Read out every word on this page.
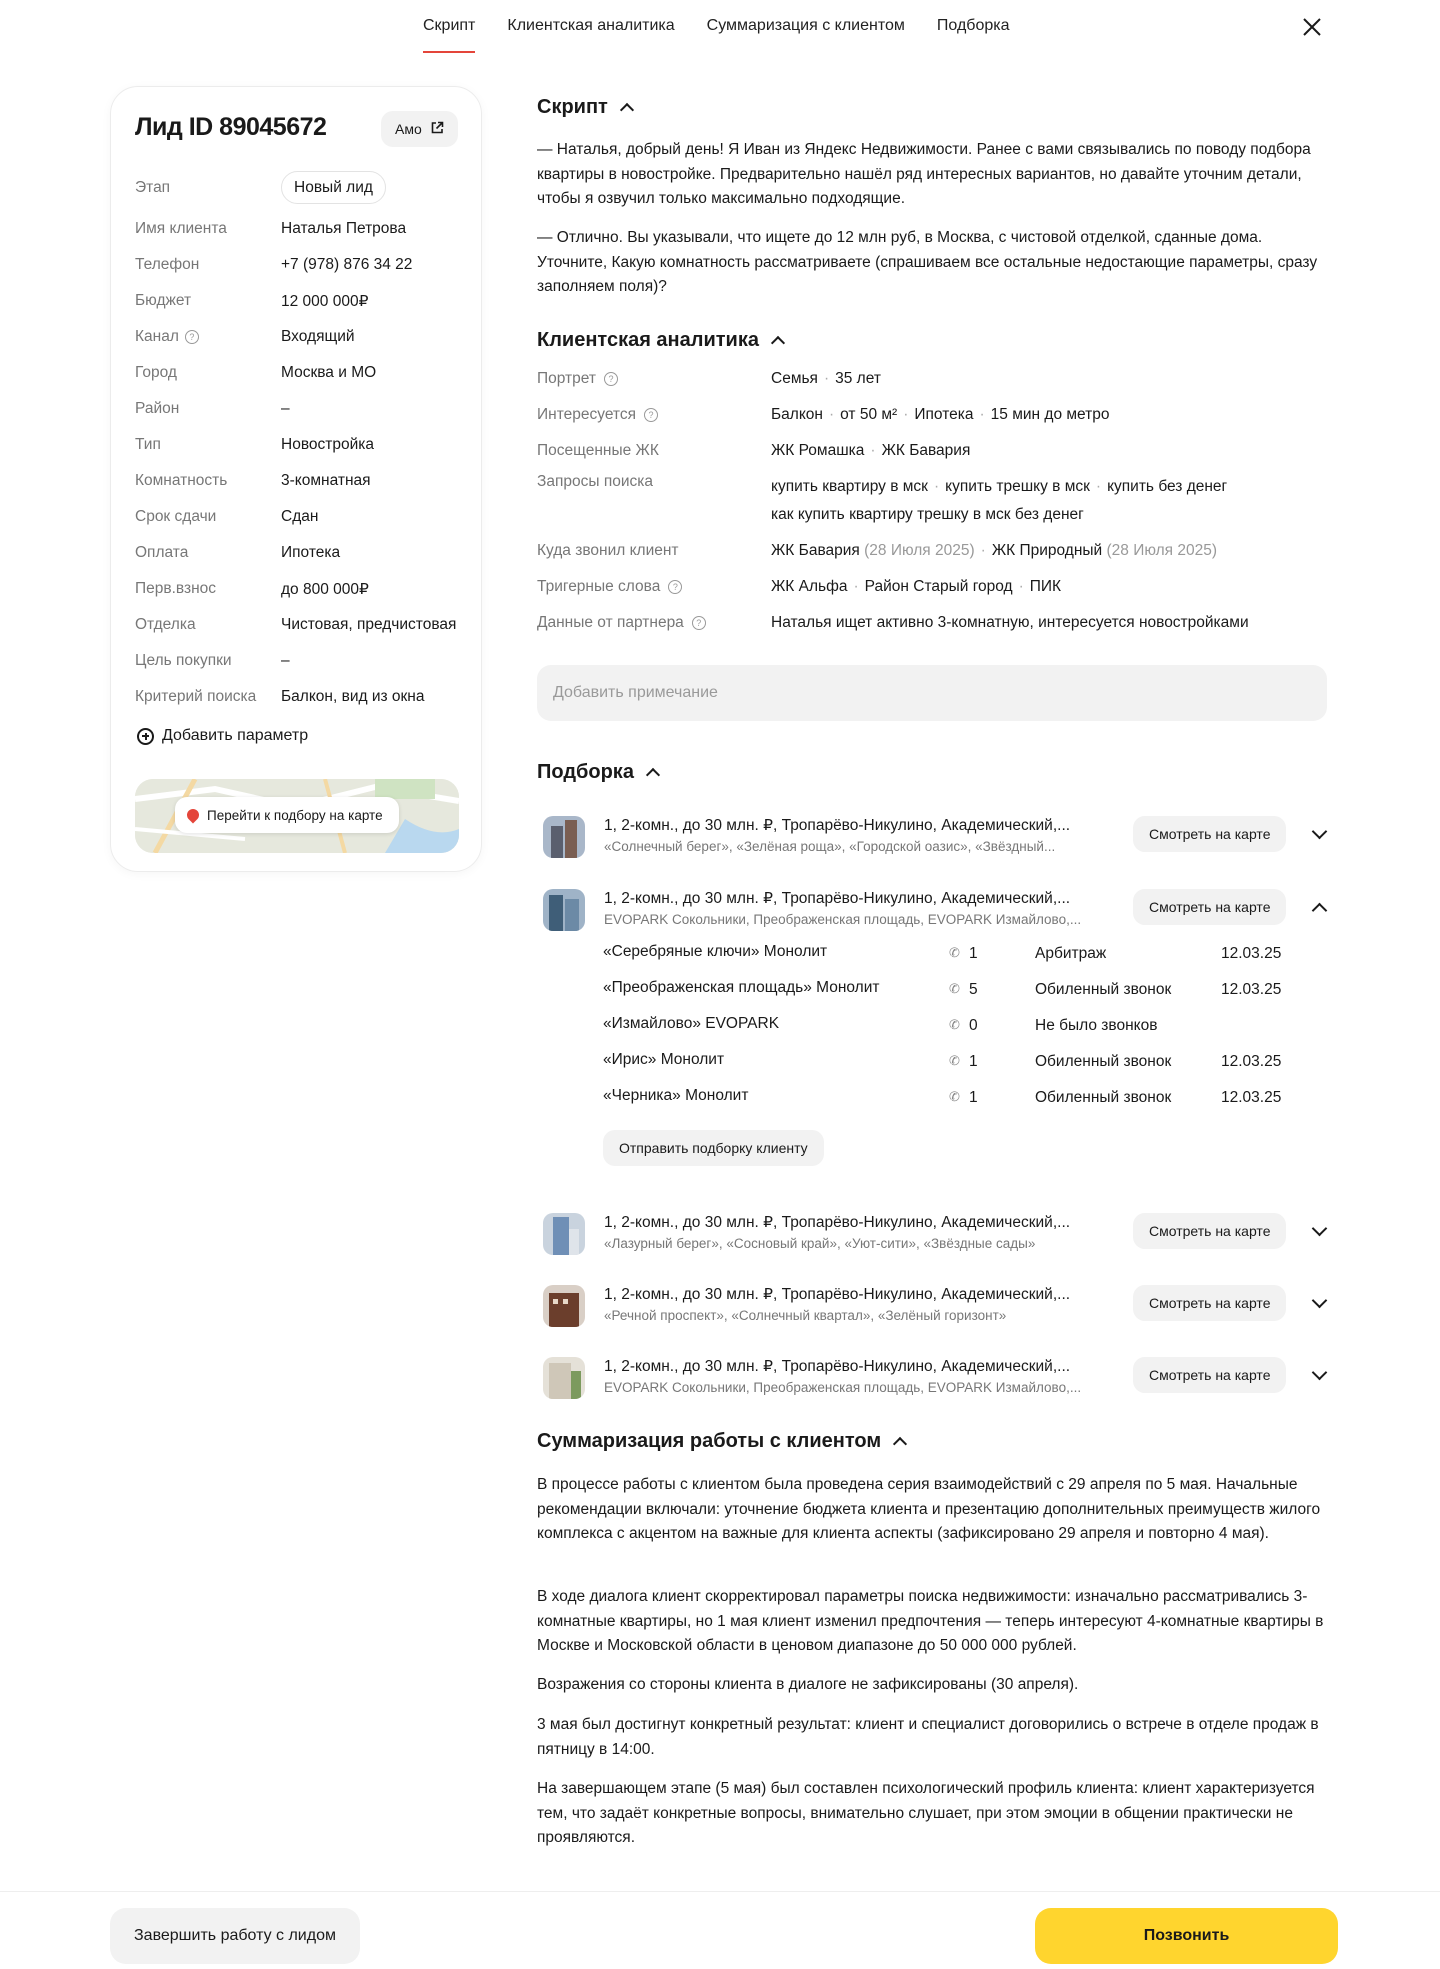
Скрипт Клиентская аналитика Суммаризация с клиентом Подборка
Лид ID 89045672	Амо
Этап	Новый лид
Имя клиента	Наталья Петрова
Телефон	+7 (978) 876 34 22
Бюджет	12 000 000₽
Канал	?	Входящий
Город	Москва и МО
Район	–
Тип	Новостройка
Комнатность	3-комнатная
Срок сдачи	Сдан
Оплата	Ипотека
Перв.взнос	до 800 000₽
Отделка	Чистовая, предчистовая
Цель покупки	–
Критерий поиска	Балкон, вид из окна
Добавить параметр
Перейти к подбору на карте
Скрипт
— Наталья, добрый день! Я Иван из Яндекс Недвижимости. Ранее с вами связывались по поводу подбора квартиры в новостройке. Предварительно нашёл ряд интересных вариантов, но давайте уточним детали, чтобы я озвучил только максимально подходящие.
— Отлично. Вы указывали, что ищете до 12 млн руб, в Москва, с чистовой отделкой, сданные дома. Уточните, Какую комнатность рассматриваете (спрашиваем все остальные недостающие параметры, сразу заполняем поля)?
Клиентская аналитика
Портрет	?	Семья · 35 лет
Интересуется	?	Балкон · от 50 м² · Ипотека · 15 мин до метро
Посещенные ЖК	ЖК Ромашка · ЖК Бавария
Запросы поиска	купить квартиру в мск · купить трешку в мск · купить без денег
как купить квартиру трешку в мск без денег
Куда звонил клиент	ЖК Бавария (28 Июля 2025) · ЖК Природный (28 Июля 2025)
Тригерные слова	?	ЖК Альфа · Район Старый город · ПИК
Данные от партнера	?	Наталья ищет активно 3-комнатную, интересуется новостройками
Добавить примечание
Подборка
1, 2-комн., до 30 млн. ₽, Тропарёво-Никулино, Академический,...
«Солнечный берег», «Зелёная роща», «Городской оазис», «Звёздный...
Смотреть на карте
1, 2-комн., до 30 млн. ₽, Тропарёво-Никулино, Академический,...
EVOPARK Сокольники, Преображенская площадь, EVOPARK Измайлово,...
Смотреть на карте
«Серебряные ключи» Монолит	✆ 1	Арбитраж	12.03.25
«Преображенская площадь» Монолит	✆ 5	Обиленный звонок	12.03.25
«Измайлово» EVOPARK	✆ 0	Не было звонков
«Ирис» Монолит	✆ 1	Обиленный звонок	12.03.25
«Черника» Монолит	✆ 1	Обиленный звонок	12.03.25
Отправить подборку клиенту
1, 2-комн., до 30 млн. ₽, Тропарёво-Никулино, Академический,...
«Лазурный берег», «Сосновый край», «Уют-сити», «Звёздные сады»
Смотреть на карте
1, 2-комн., до 30 млн. ₽, Тропарёво-Никулино, Академический,...
«Речной проспект», «Солнечный квартал», «Зелёный горизонт»
Смотреть на карте
1, 2-комн., до 30 млн. ₽, Тропарёво-Никулино, Академический,...
EVOPARK Сокольники, Преображенская площадь, EVOPARK Измайлово,...
Смотреть на карте
Суммаризация работы с клиентом
В процессе работы с клиентом была проведена серия взаимодействий с 29 апреля по 5 мая. Начальные рекомендации включали: уточнение бюджета клиента и презентацию дополнительных преимуществ жилого комплекса с акцентом на важные для клиента аспекты (зафиксировано 29 апреля и повторно 4 мая).
В ходе диалога клиент скорректировал параметры поиска недвижимости: изначально рассматривались 3-комнатные квартиры, но 1 мая клиент изменил предпочтения — теперь интересуют 4-комнатные квартиры в Москве и Московской области в ценовом диапазоне до 50 000 000 рублей.
Возражения со стороны клиента в диалоге не зафиксированы (30 апреля).
3 мая был достигнут конкретный результат: клиент и специалист договорились о встрече в отделе продаж в пятницу в 14:00.
На завершающем этапе (5 мая) был составлен психологический профиль клиента: клиент характеризуется тем, что задаёт конкретные вопросы, внимательно слушает, при этом эмоции в общении практически не проявляются.
Завершить работу с лидом	Позвонить
